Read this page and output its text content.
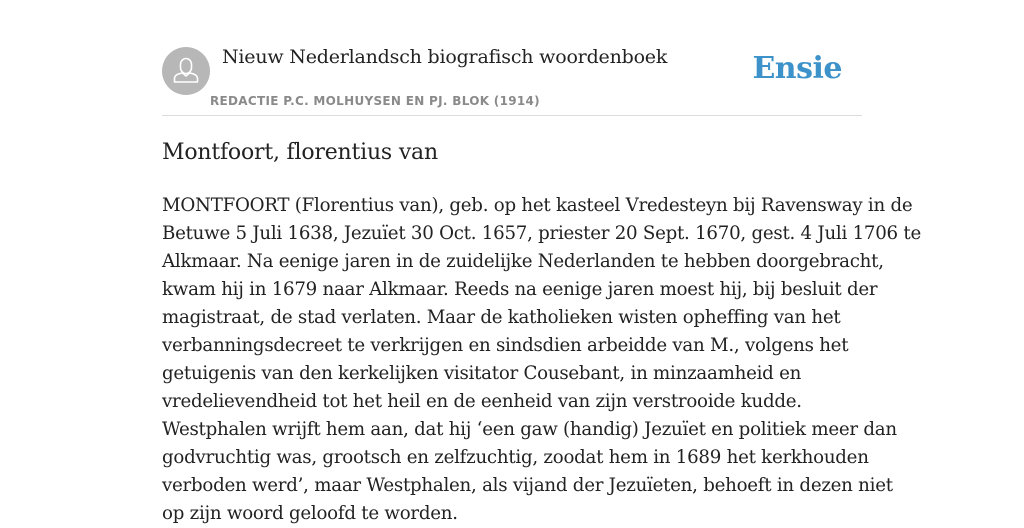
Nieuw Nederlandsch biografisch woordenboek
REDACTIE P.C. MOLHUYSEN EN PJ. BLOK (1914)
Ensie
Montfoort, florentius van

MONTFOORT (Florentius van), geb. op het kasteel Vredesteyn bij Ravensway in de
Betuwe 5 Juli 1638, Jezuïet 30 Oct. 1657, priester 20 Sept. 1670, gest. 4 Juli 1706 te
Alkmaar. Na eenige jaren in de zuidelijke Nederlanden te hebben doorgebracht,
kwam hij in 1679 naar Alkmaar. Reeds na eenige jaren moest hij, bij besluit der
magistraat, de stad verlaten. Maar de katholieken wisten opheffing van het
verbanningsdecreet te verkrijgen en sindsdien arbeidde van M., volgens het
getuigenis van den kerkelijken visitator Cousebant, in minzaamheid en
vredelievendheid tot het heil en de eenheid van zijn verstrooide kudde.
Westphalen wrijft hem aan, dat hij ‘een gaw (handig) Jezuïet en politiek meer dan
godvruchtig was, grootsch en zelfzuchtig, zoodat hem in 1689 het kerkhouden
verboden werd’, maar Westphalen, als vijand der Jezuïeten, behoeft in dezen niet
op zijn woord geloofd te worden.
